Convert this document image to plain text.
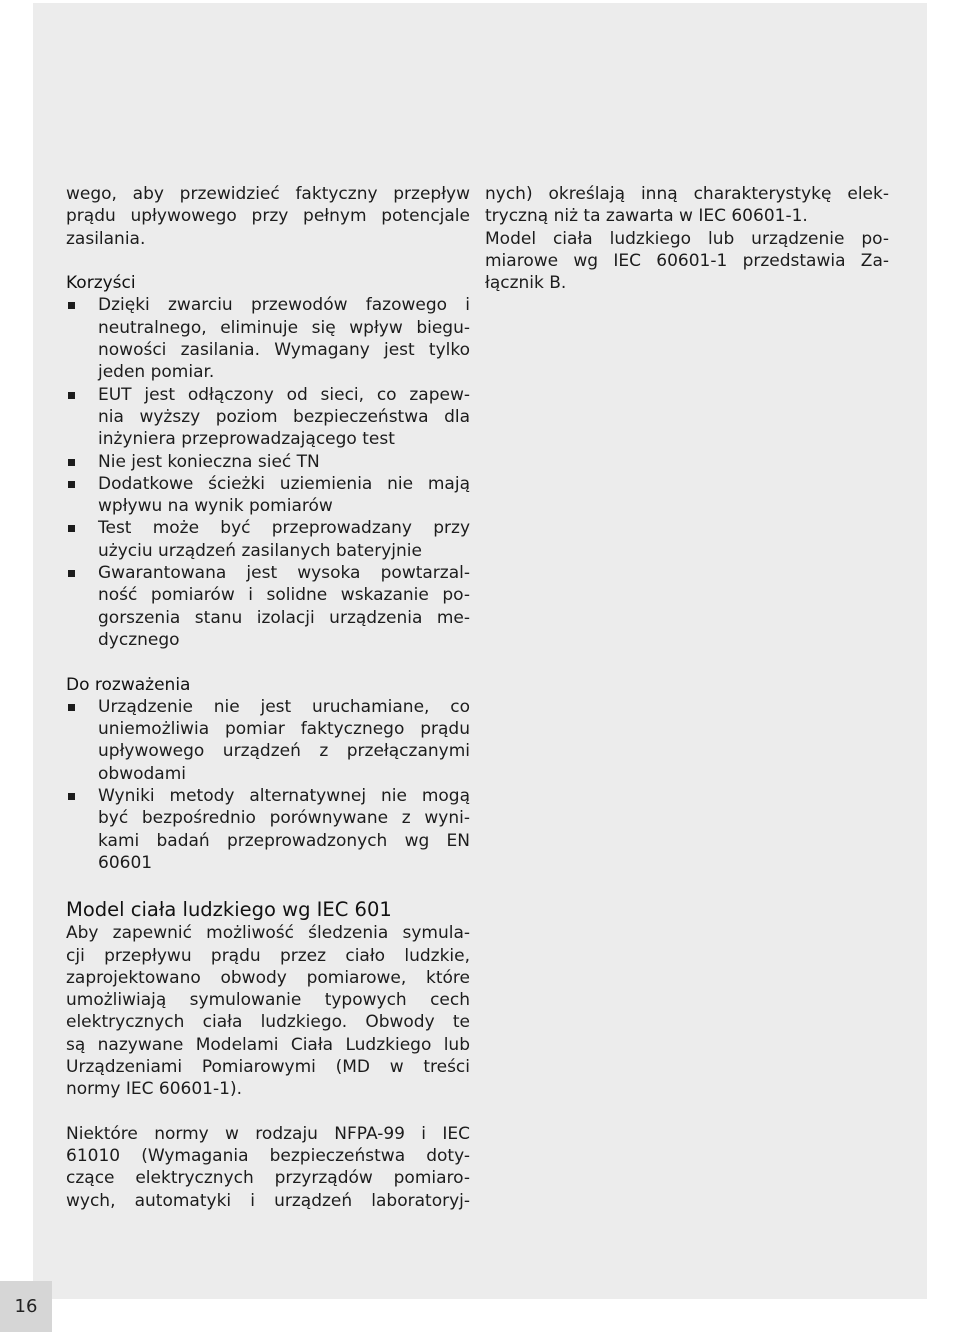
16

wego, aby przewidzieć faktyczny przepływ
prądu upływowego przy pełnym potencjale
zasilania.

Korzyści
Dzięki zwarciu przewodów fazowego i
neutralnego, eliminuje się wpływ biegu-
nowości zasilania. Wymagany jest tylko
jeden pomiar.
EUT jest odłączony od sieci, co zapew-
nia wyższy poziom bezpieczeństwa dla
inżyniera przeprowadzającego test
Nie jest konieczna sieć TN
Dodatkowe ścieżki uziemienia nie mają
wpływu na wynik pomiarów
Test może być przeprowadzany przy
użyciu urządzeń zasilanych bateryjnie
Gwarantowana jest wysoka powtarzal-
ność pomiarów i solidne wskazanie po-
gorszenia stanu izolacji urządzenia me-
dycznego
Do rozważenia
Urządzenie nie jest uruchamiane, co
uniemożliwia pomiar faktycznego prądu
upływowego urządzeń z przełączanymi
obwodami
Wyniki metody alternatywnej nie mogą
być bezpośrednio porównywane z wyni-
kami badań przeprowadzonych wg EN
60601
Model ciała ludzkiego wg IEC 601

Aby zapewnić możliwość śledzenia symula-
cji przepływu prądu przez ciało ludzkie,
zaprojektowano obwody pomiarowe, które
umożliwiają symulowanie typowych cech
elektrycznych ciała ludzkiego. Obwody te
są nazywane Modelami Ciała Ludzkiego lub
Urządzeniami Pomiarowymi (MD w treści
normy IEC 60601-1).

Niektóre normy w rodzaju NFPA-99 i IEC
61010 (Wymagania bezpieczeństwa doty-
czące elektrycznych przyrządów pomiaro-
wych, automatyki i urządzeń laboratoryj-

nych) określają inną charakterystykę elek-
tryczną niż ta zawarta w IEC 60601-1.
Model ciała ludzkiego lub urządzenie po-
miarowe wg IEC 60601-1 przedstawia Za-
łącznik B.
